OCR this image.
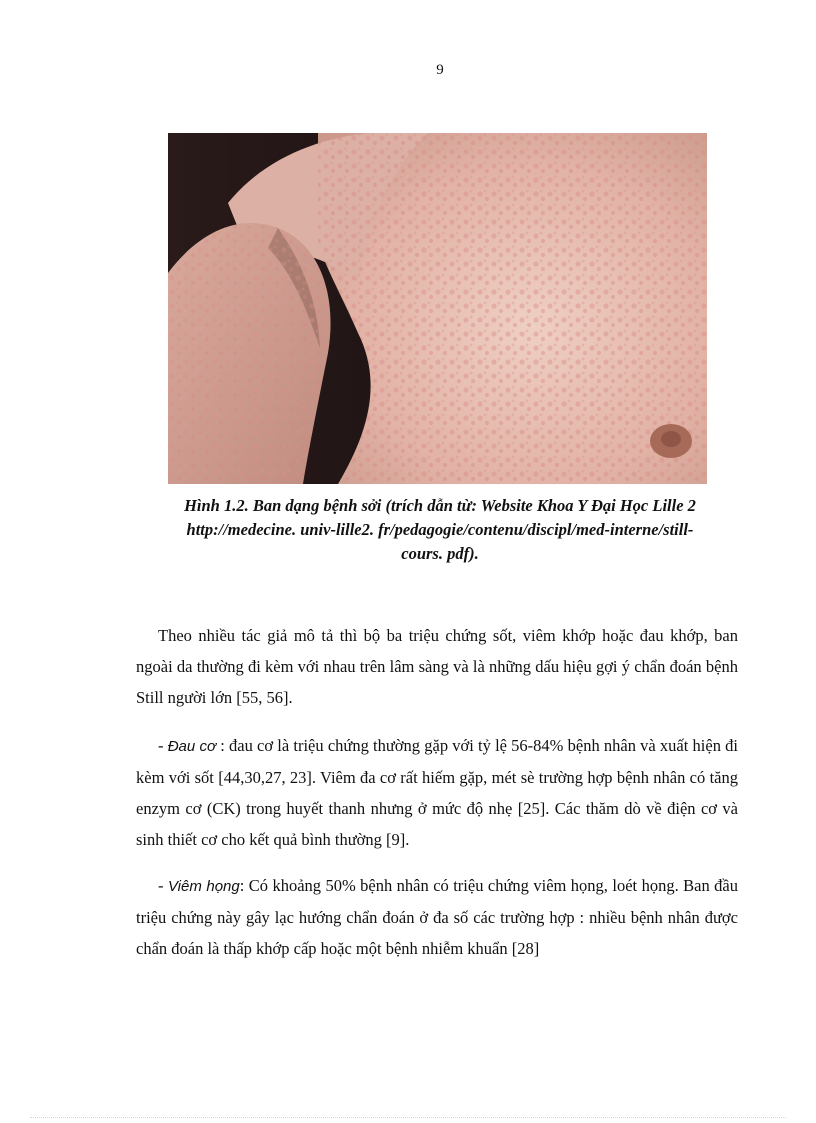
9
Hình 1.2. Ban dạng bệnh sởi (trích dẫn từ: Website Khoa Y Đại Học Lille 2
http://medecine. univ-lille2. fr/pedagogie/contenu/discipl/med-interne/still-
cours. pdf).

Theo nhiều tác giả mô tả thì bộ ba triệu chứng sốt, viêm khớp hoặc đau khớp, ban ngoài da thường đi kèm với nhau trên lâm sàng và là những dấu hiệu gợi ý chẩn đoán bệnh Still người lớn [55, 56].

- Đau cơ : đau cơ là triệu chứng thường gặp với tỷ lệ 56-84% bệnh nhân và xuất hiện đi kèm với sốt [44,30,27, 23]. Viêm đa cơ rất hiếm gặp, mét sè trường hợp bệnh nhân có tăng enzym cơ (CK) trong huyết thanh nhưng ở mức độ nhẹ [25]. Các thăm dò về điện cơ và sinh thiết cơ cho kết quả bình thường [9].

- Viêm họng: Có khoảng 50% bệnh nhân có triệu chứng viêm họng, loét họng. Ban đầu triệu chứng này gây lạc hướng chẩn đoán ở đa số các trường hợp : nhiều bệnh nhân được chẩn đoán là thấp khớp cấp hoặc một bệnh nhiễm khuẩn [28]
